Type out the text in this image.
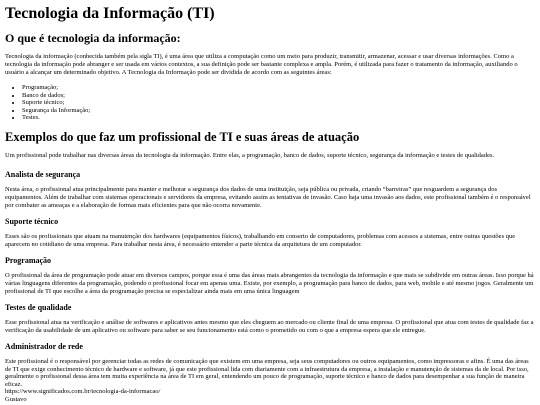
Tecnologia da Informação (TI)
O que é tecnologia da informação:

Tecnologia da informação (conhecida também pela sigla TI), é uma área que utiliza a computação como um meio para produzir, transmitir, armazenar, acessar e usar diversas informações. Como a tecnologia da informação pode abranger e ser usada em vários contextos, a sua definição pode ser bastante complexa e ampla. Porém, é utilizada para fazer o tratamento da informação, auxiliando o usuário a alcançar um determinado objetivo. A Tecnologia da Informação pode ser dividida de acordo com as seguintes áreas:

• Programação;
• Banco de dados;
• Suporte técnico;
• Segurança da Informação;
• Testes.
Exemplos do que faz um profissional de TI e suas áreas de atuação

Um profissional pode trabalhar nas diversas áreas da tecnologia da informação. Entre elas, a programação, banco de dados, suporte técnico, segurança da informação e testes de qualidades.

Analista de segurança

Nesta área, o profissional atua principalmente para manter e melhorar a segurança dos dados de uma instituição, seja pública ou privada, criando “barreiras” que resguardem a segurança dos equipamentos. Além de trabalhar com sistemas operacionais e servidores da empresa, evitando assim as tentativas de invasão. Caso haja uma invasão aos dados, este profissional também é o responsável por combater as ameaças e a elaboração de formas mais eficientes para que não ocorra novamente.

Suporte técnico

Esses são os profissionais que atuam na manutenção dos hardwares (equipamentos físicos), trabalhando em conserto de computadores, problemas com acessos a sistemas, entre outras questões que aparecem no cotidiano de uma empresa. Para trabalhar nesta área, é necessário entender a parte técnica da arquitetura de um computador.

Programação

O profissional da área de programação pode atuar em diversos campos, porque essa é uma das áreas mais abrangentes da tecnologia da informação e que mais se subdivide em outras áreas. Isso porque há várias linguagens diferentes da programação, podendo o profissional focar em apenas uma. Existe, por exemplo, a programação para banco de dados, para web, mobile e até mesmo jogos. Geralmente um profissional de TI que escolhe a área da programação precisa se especializar ainda mais em uma única linguagem

Testes de qualidade

Esse profissional atua na verificação e análise de softwares e aplicativos antes mesmo que eles cheguem ao mercado ou cliente final de uma empresa. O profissional que atua com testes de qualidade faz a verificação da usabilidade de um aplicativo ou software para saber se seu funcionamento está como o prometido ou com o que a empresa espera que ele entregue.

Administrador de rede

Este profissional é o responsável por gerenciar todas as redes de comunicação que existem em uma empresa, seja seus computadores ou outros equipamentos, como impressoras e afins. É uma das áreas de TI que exige conhecimento técnico de hardware e software, já que este profissional lida com diariamente com a infraestrutura da empresa, a instalação e manutenção de sistemas da de local. Por isso, geralmente o profissional dessa área tem muita experiência na área de TI em geral, entendendo um pouco de programação, suporte técnico e banco de dados para desempenhar a sua função de maneira eficaz.

https://www.significados.com.br/tecnologia-da-informacao/
Gustavo
